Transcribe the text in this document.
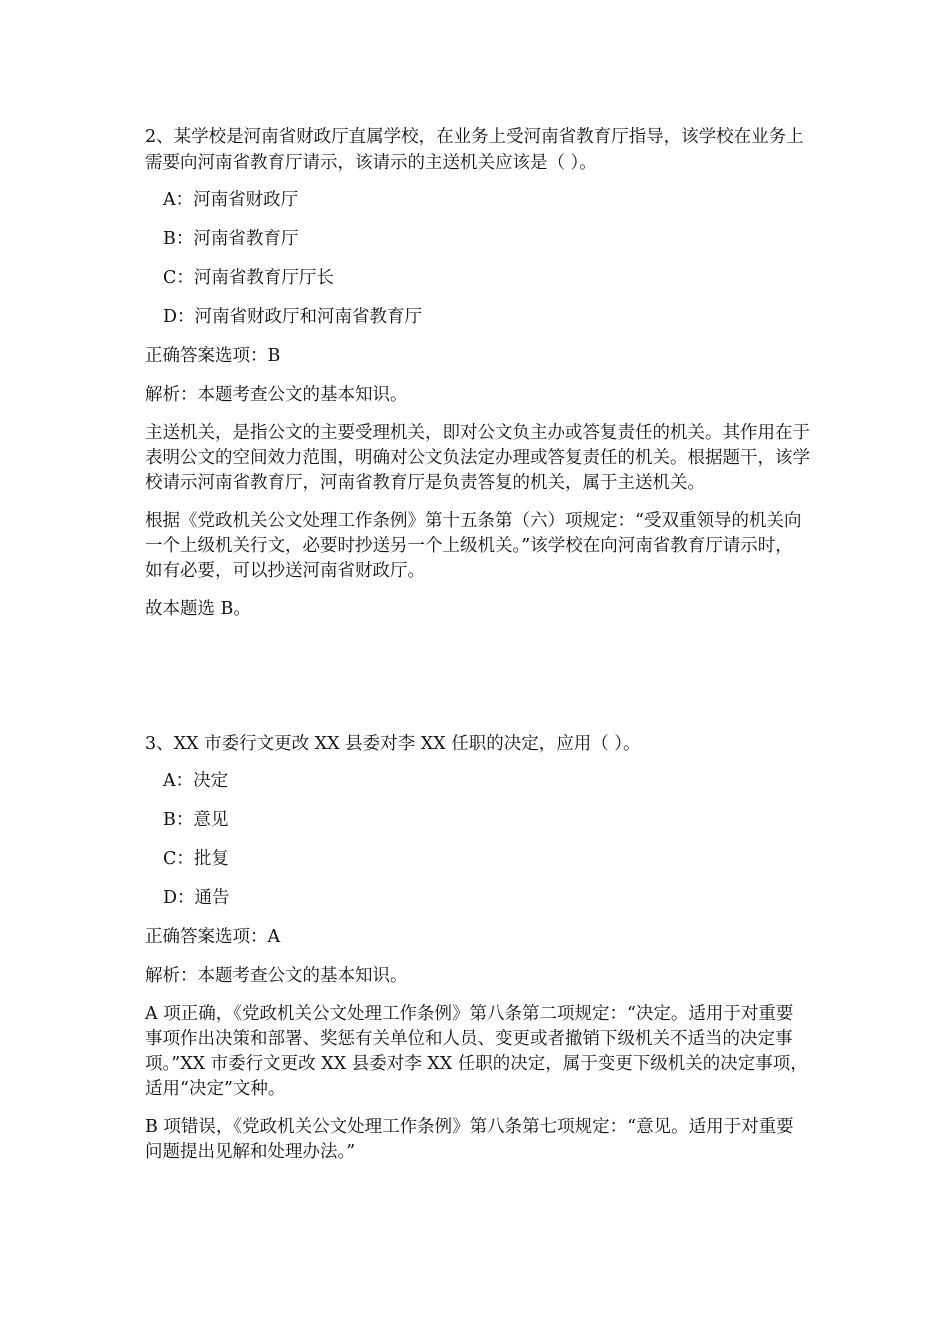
2、某学校是河南省财政厅直属学校，在业务上受河南省教育厅指导，该学校在业务上需要向河南省教育厅请示，该请示的主送机关应该是（ ）。

A：河南省财政厅

B：河南省教育厅

C：河南省教育厅厅长

D：河南省财政厅和河南省教育厅

正确答案选项：B

解析：本题考查公文的基本知识。

主送机关，是指公文的主要受理机关，即对公文负主办或答复责任的机关。其作用在于表明公文的空间效力范围，明确对公文负法定办理或答复责任的机关。根据题干，该学校请示河南省教育厅，河南省教育厅是负责答复的机关，属于主送机关。

根据《党政机关公文处理工作条例》第十五条第（六）项规定：“受双重领导的机关向一个上级机关行文，必要时抄送另一个上级机关。”该学校在向河南省教育厅请示时，如有必要，可以抄送河南省财政厅。

故本题选 B。

3、XX 市委行文更改 XX 县委对李 XX 任职的决定，应用（ ）。

A：决定

B：意见

C：批复

D：通告

正确答案选项：A

解析：本题考查公文的基本知识。

A 项正确，《党政机关公文处理工作条例》第八条第二项规定：“决定。适用于对重要事项作出决策和部署、奖惩有关单位和人员、变更或者撤销下级机关不适当的决定事项。”XX 市委行文更改 XX 县委对李 XX 任职的决定，属于变更下级机关的决定事项，适用“决定”文种。

B 项错误，《党政机关公文处理工作条例》第八条第七项规定：“意见。适用于对重要问题提出见解和处理办法。”
